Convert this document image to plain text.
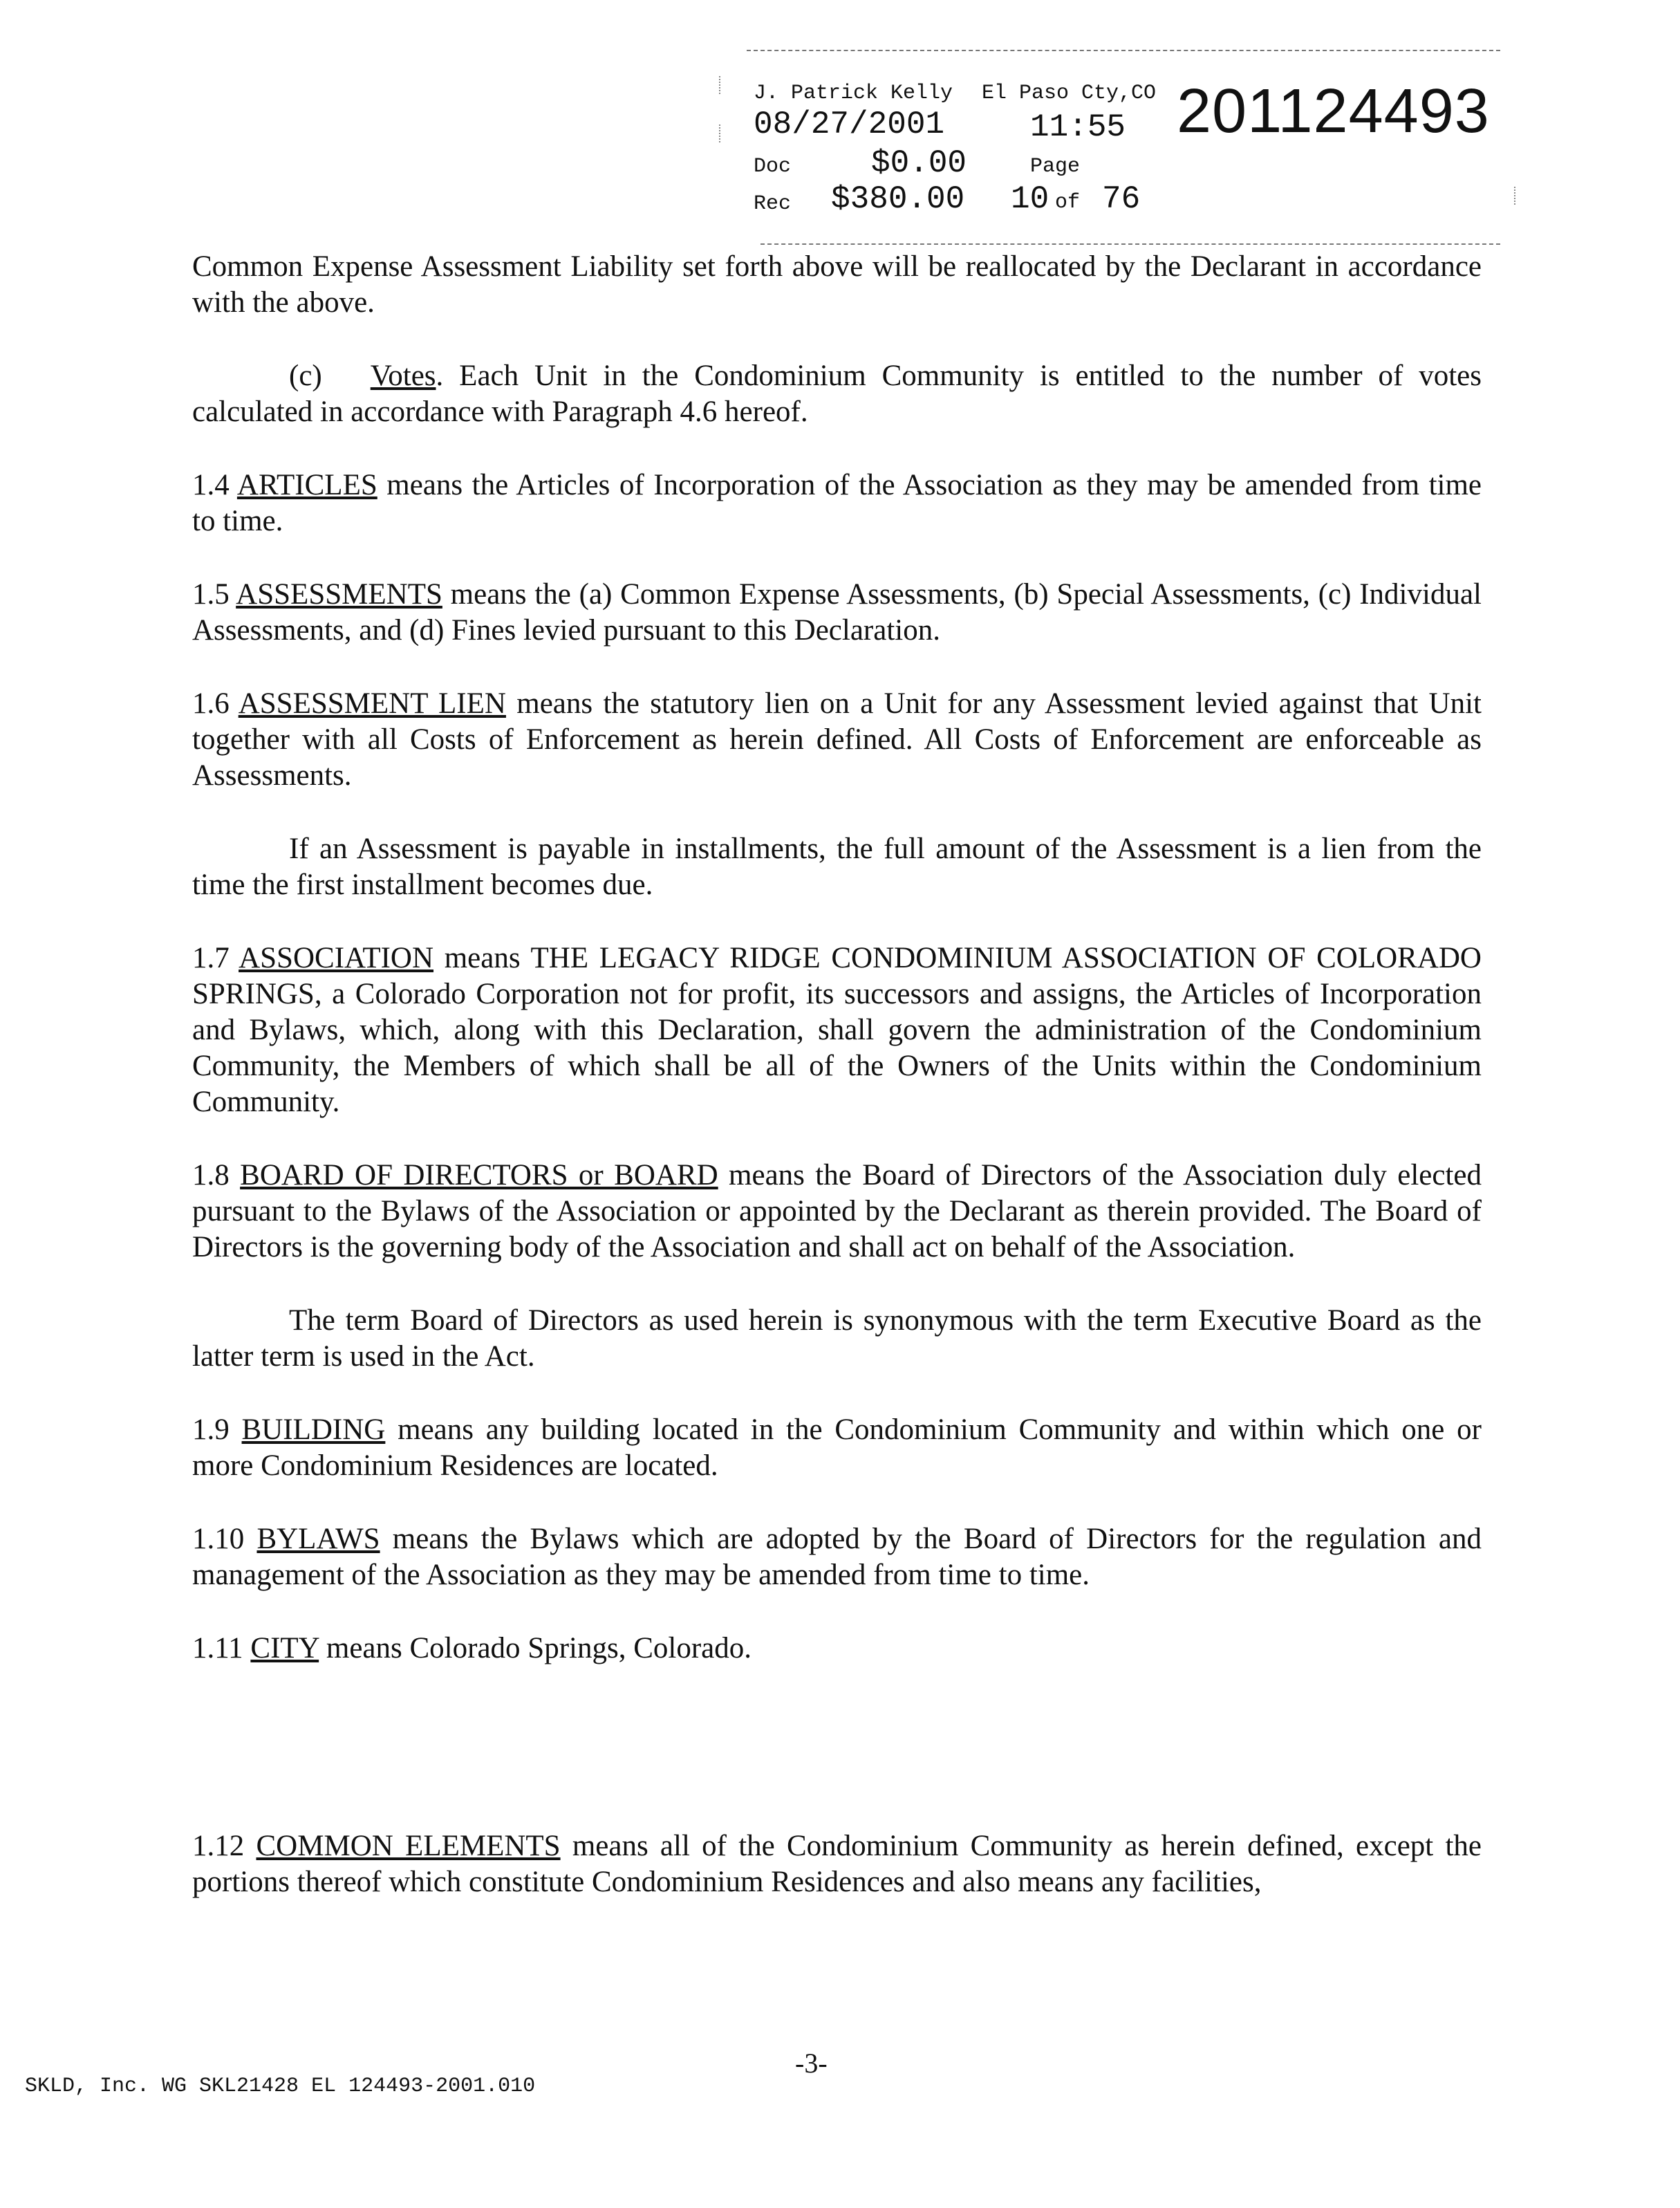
J. Patrick Kelly El Paso Cty,CO 201124493
08/27/2001	11:55
Doc	$0.00	Page
Rec $380.00 10 of 76

Common Expense Assessment Liability set forth above will be reallocated by the Declarant in accordance with the above.

(c) Votes. Each Unit in the Condominium Community is entitled to the number of votes calculated in accordance with Paragraph 4.6 hereof.

1.4 ARTICLES means the Articles of Incorporation of the Association as they may be amended from time to time.

1.5 ASSESSMENTS means the (a) Common Expense Assessments, (b) Special Assessments, (c) Individual Assessments, and (d) Fines levied pursuant to this Declaration.

1.6 ASSESSMENT LIEN means the statutory lien on a Unit for any Assessment levied against that Unit together with all Costs of Enforcement as herein defined. All Costs of Enforcement are enforceable as Assessments.

If an Assessment is payable in installments, the full amount of the Assessment is a lien from the time the first installment becomes due.

1.7 ASSOCIATION means THE LEGACY RIDGE CONDOMINIUM ASSOCIATION OF COLORADO SPRINGS, a Colorado Corporation not for profit, its successors and assigns, the Articles of Incorporation and Bylaws, which, along with this Declaration, shall govern the administration of the Condominium Community, the Members of which shall be all of the Owners of the Units within the Condominium Community.

1.8 BOARD OF DIRECTORS or BOARD means the Board of Directors of the Association duly elected pursuant to the Bylaws of the Association or appointed by the Declarant as therein provided. The Board of Directors is the governing body of the Association and shall act on behalf of the Association.

The term Board of Directors as used herein is synonymous with the term Executive Board as the latter term is used in the Act.

1.9 BUILDING means any building located in the Condominium Community and within which one or more Condominium Residences are located.

1.10 BYLAWS means the Bylaws which are adopted by the Board of Directors for the regulation and management of the Association as they may be amended from time to time.

1.11 CITY means Colorado Springs, Colorado.

1.12 COMMON ELEMENTS means all of the Condominium Community as herein defined, except the portions thereof which constitute Condominium Residences and also means any facilities,

-3-
SKLD, Inc. WG SKL21428 EL 124493-2001.010
